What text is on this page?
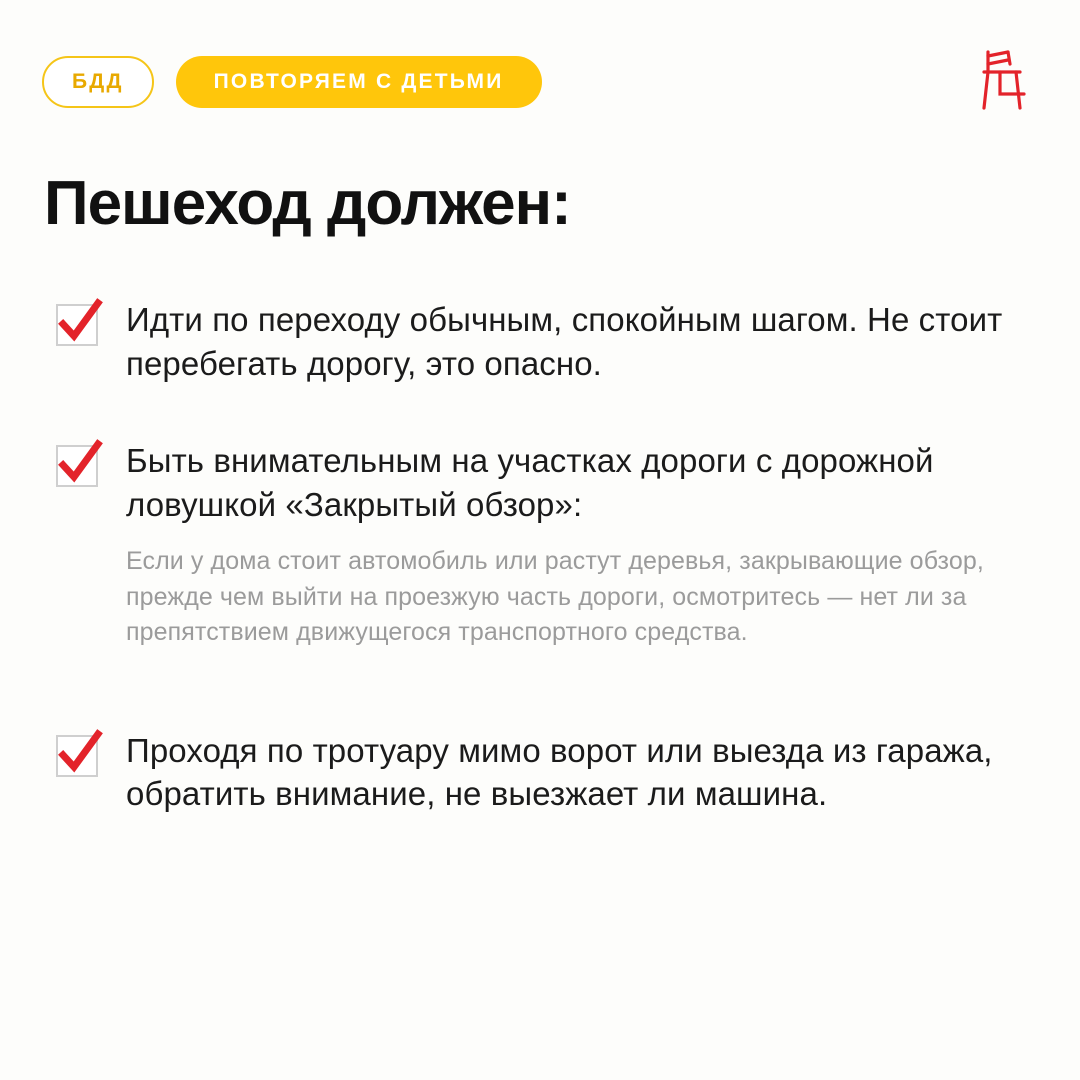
БДД	ПОВТОРЯЕМ С ДЕТЬМИ
Пешеход должен:
Идти по переходу обычным, спокойным шагом. Не стоит перебегать дорогу, это опасно.
Быть внимательным на участках дороги с дорожной ловушкой «Закрытый обзор»:
Если у дома стоит автомобиль или растут деревья, закрывающие обзор, прежде чем выйти на проезжую часть дороги, осмотритесь — нет ли за препятствием движущегося транспортного средства.
Проходя по тротуару мимо ворот или выезда из гаража, обратить внимание, не выезжает ли машина.
